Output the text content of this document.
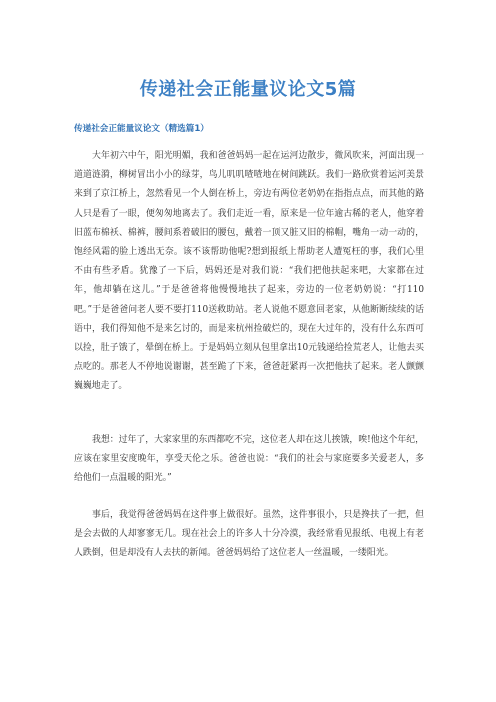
传递社会正能量议论文5篇
传递社会正能量议论文（精选篇1）

大年初六中午，阳光明媚，我和爸爸妈妈一起在运河边散步，微风吹来，河面出现一道道涟漪，柳树冒出小小的绿芽，鸟儿叽叽喳喳地在树间跳跃。我们一路欣赏着运河美景来到了京江桥上，忽然看见一个人倒在桥上，旁边有两位老奶奶在指指点点，而其他的路人只是看了一眼，便匆匆地离去了。我们走近一看，原来是一位年逾古稀的老人，他穿着旧蓝布棉袄、棉裤，腰间系着破旧的腰包，戴着一顶又脏又旧的棉帽，嘴角一动一动的，饱经风霜的脸上透出无奈。该不该帮助他呢?想到报纸上帮助老人遭冤枉的事，我们心里不由有些矛盾。犹豫了一下后，妈妈还是对我们说：“我们把他扶起来吧，大家都在过年，他却躺在这儿。”于是爸爸将他慢慢地扶了起来，旁边的一位老奶奶说：“打110吧。”于是爸爸问老人要不要打110送救助站。老人说他不愿意回老家，从他断断续续的话语中，我们得知他不是来乞讨的，而是来杭州捡破烂的，现在大过年的，没有什么东西可以捡，肚子饿了，晕倒在桥上。于是妈妈立刻从包里拿出10元钱递给捡荒老人，让他去买点吃的。那老人不停地说谢谢，甚至跪了下来，爸爸赶紧再一次把他扶了起来。老人颤颤巍巍地走了。

我想：过年了，大家家里的东西都吃不完，这位老人却在这儿挨饿，唉!他这个年纪，应该在家里安度晚年，享受天伦之乐。爸爸也说：“我们的社会与家庭要多关爱老人，多给他们一点温暖的阳光。”

事后，我觉得爸爸妈妈在这件事上做很好。虽然，这件事很小，只是搀扶了一把，但是会去做的人却寥寥无几。现在社会上的许多人十分冷漠，我经常看见报纸、电视上有老人跌倒，但是却没有人去扶的新闻。爸爸妈妈给了这位老人一丝温暖，一缕阳光。
